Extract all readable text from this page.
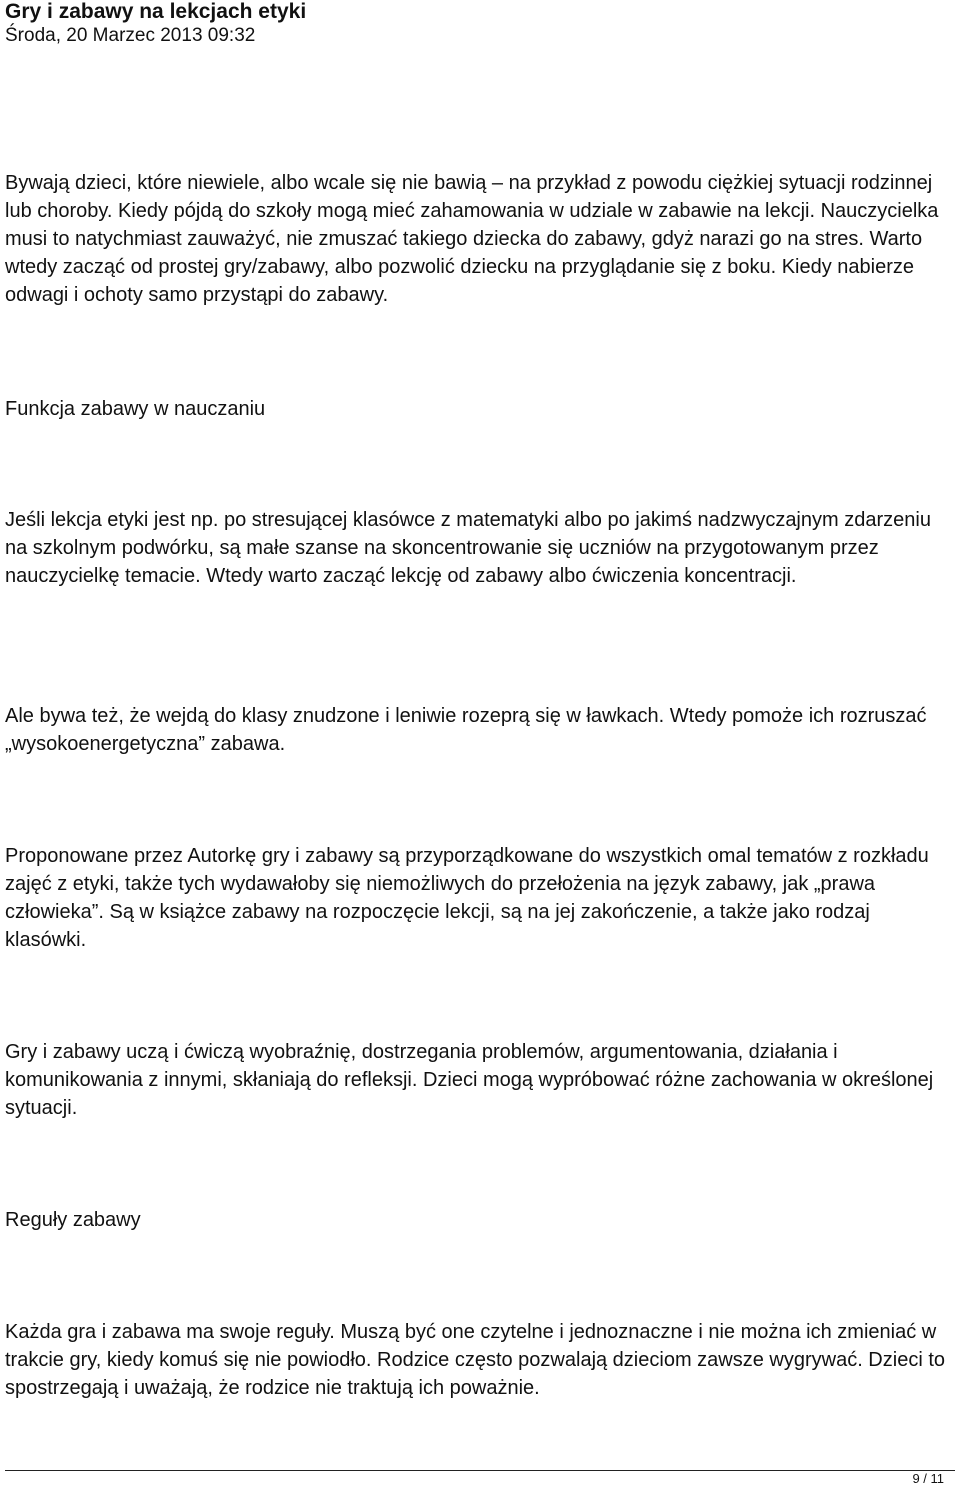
Gry i zabawy na lekcjach etyki
Środa, 20 Marzec 2013 09:32

Bywają dzieci, które niewiele, albo wcale się nie bawią – na przykład z powodu ciężkiej sytuacji rodzinnej lub choroby. Kiedy pójdą do szkoły mogą mieć zahamowania w udziale w zabawie na lekcji. Nauczycielka musi to natychmiast zauważyć, nie zmuszać takiego dziecka do zabawy, gdyż narazi go na stres. Warto wtedy zacząć od prostej gry/zabawy, albo pozwolić dziecku na przyglądanie się z boku. Kiedy nabierze odwagi i ochoty samo przystąpi do zabawy.

Funkcja zabawy w nauczaniu

Jeśli lekcja etyki jest np. po stresującej klasówce z matematyki albo po jakimś nadzwyczajnym zdarzeniu na szkolnym podwórku, są małe szanse na skoncentrowanie się uczniów na przygotowanym przez nauczycielkę temacie. Wtedy warto zacząć lekcję od zabawy albo ćwiczenia koncentracji.

Ale bywa też, że wejdą do klasy znudzone i leniwie rozeprą się w ławkach. Wtedy pomoże ich rozruszać „wysokoenergetyczna” zabawa.

Proponowane przez Autorkę gry i zabawy są przyporządkowane do wszystkich omal tematów z rozkładu zajęć z etyki, także tych wydawałoby się niemożliwych do przełożenia na język zabawy, jak „prawa człowieka”. Są w książce zabawy na rozpoczęcie lekcji, są na jej zakończenie, a także jako rodzaj klasówki.

Gry i zabawy uczą i ćwiczą wyobraźnię, dostrzegania problemów, argumentowania, działania i komunikowania z innymi, skłaniają do refleksji. Dzieci mogą wypróbować różne zachowania w określonej sytuacji.

Reguły zabawy

Każda gra i zabawa ma swoje reguły. Muszą być one czytelne i jednoznaczne i nie można ich zmieniać w trakcie gry, kiedy komuś się nie powiodło. Rodzice często pozwalają dzieciom zawsze wygrywać. Dzieci to spostrzegają i uważają, że rodzice nie traktują ich poważnie.

9 / 11
